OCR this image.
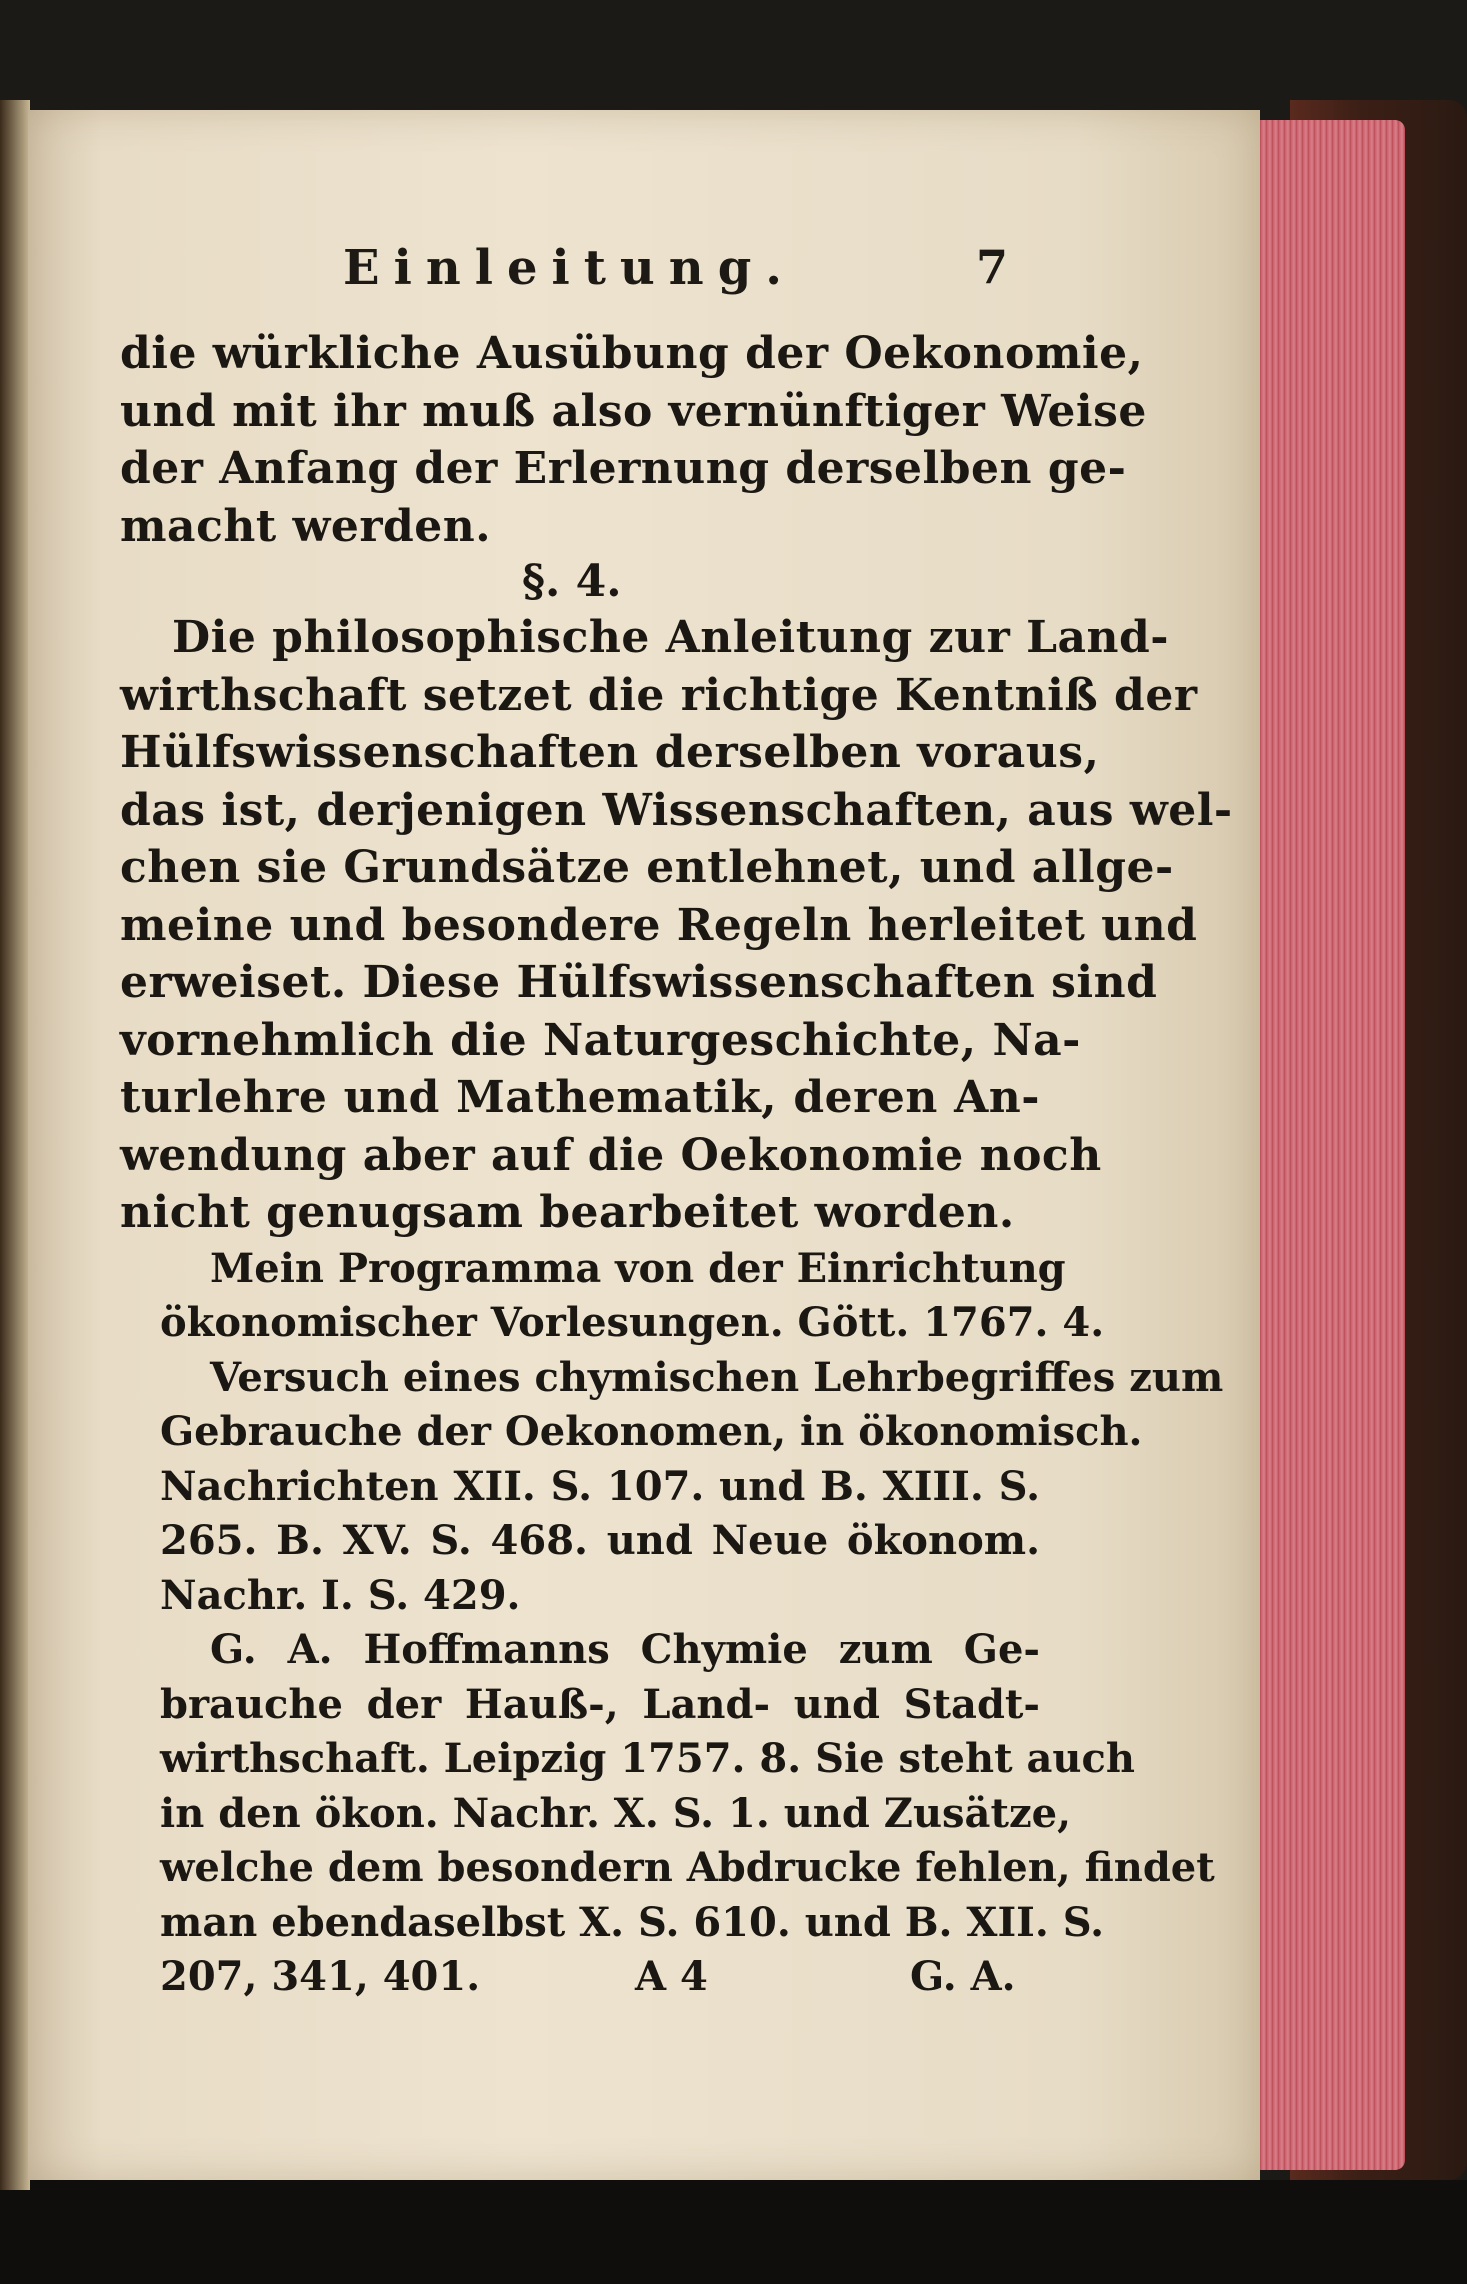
Einleitung.	7
die würkliche Ausübung der Oekonomie,
und mit ihr muß also vernünftiger Weise
der Anfang der Erlernung derselben ge-
macht werden.
§. 4.
Die philosophische Anleitung zur Land-
wirthschaft setzet die richtige Kentniß der
Hülfswissenschaften derselben voraus,
das ist, derjenigen Wissenschaften, aus wel-
chen sie Grundsätze entlehnet, und allge-
meine und besondere Regeln herleitet und
erweiset. Diese Hülfswissenschaften sind
vornehmlich die Naturgeschichte, Na-
turlehre und Mathematik, deren An-
wendung aber auf die Oekonomie noch
nicht genugsam bearbeitet worden.
Mein Programma von der Einrichtung
ökonomischer Vorlesungen. Gött. 1767. 4.
Versuch eines chymischen Lehrbegriffes zum
Gebrauche der Oekonomen, in ökonomisch.
Nachrichten XII. S. 107. und B. XIII. S.
265. B. XV. S. 468. und Neue ökonom.
Nachr. I. S. 429.
G. A. Hoffmanns Chymie zum Ge-
brauche der Hauß-, Land- und Stadt-
wirthschaft. Leipzig 1757. 8. Sie steht auch
in den ökon. Nachr. X. S. 1. und Zusätze,
welche dem besondern Abdrucke fehlen, findet
man ebendaselbst X. S. 610. und B. XII. S.
207, 341, 401.	A 4	G. A.
